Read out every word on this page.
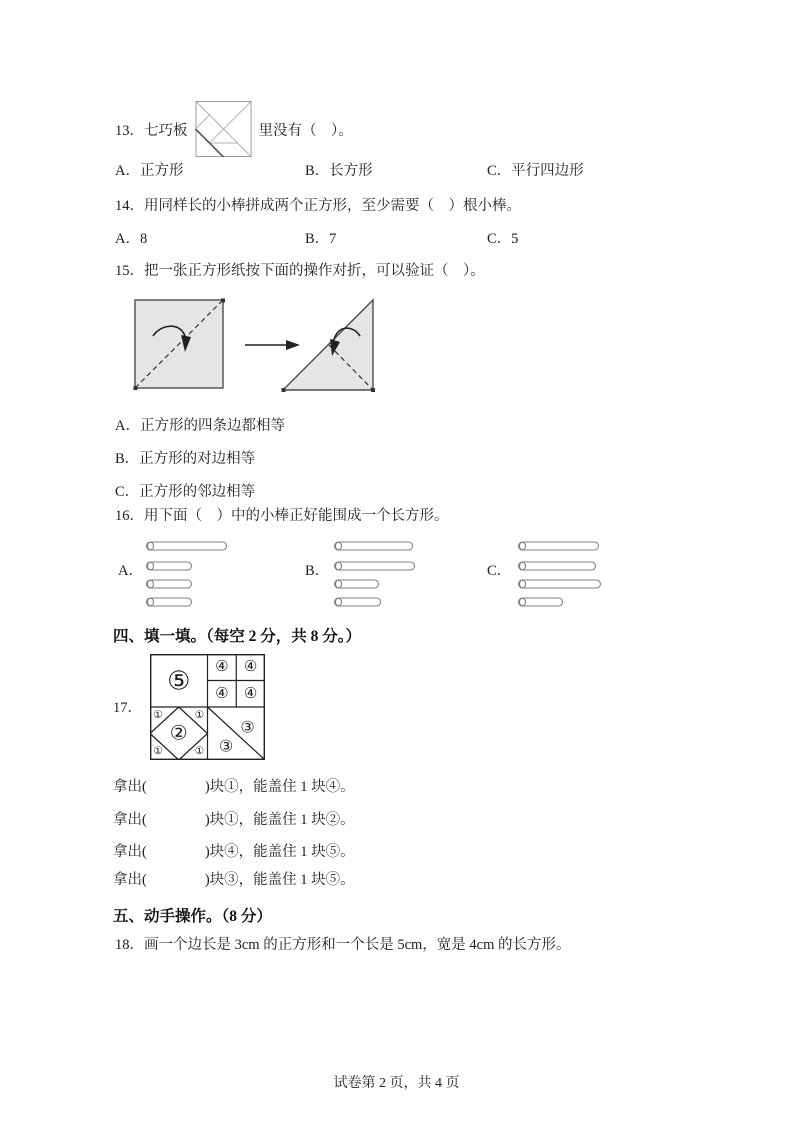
13．七巧板	里没有（　）。
A．正方形	B．长方形	C．平行四边形
14．用同样长的小棒拼成两个正方形，至少需要（　）根小棒。
A．8	B．7	C．5
15．把一张正方形纸按下面的操作对折，可以验证（　）。
A．正方形的四条边都相等
B．正方形的对边相等
C．正方形的邻边相等
16．用下面（　）中的小棒正好能围成一个长方形。
A．	B．	C．
四、填一填。（每空 2 分，共 8 分。）
17．
⑤ ④ ④
④ ④
②
①	①
①	①
③
③
拿出(　　　　)块①，能盖住 1 块④。
拿出(　　　　)块①，能盖住 1 块②。
拿出(　　　　)块④，能盖住 1 块⑤。
拿出(　　　　)块③，能盖住 1 块⑤。
五、动手操作。（8 分）
18．画一个边长是 3cm 的正方形和一个长是 5cm，宽是 4cm 的长方形。
试卷第 2 页，共 4 页
